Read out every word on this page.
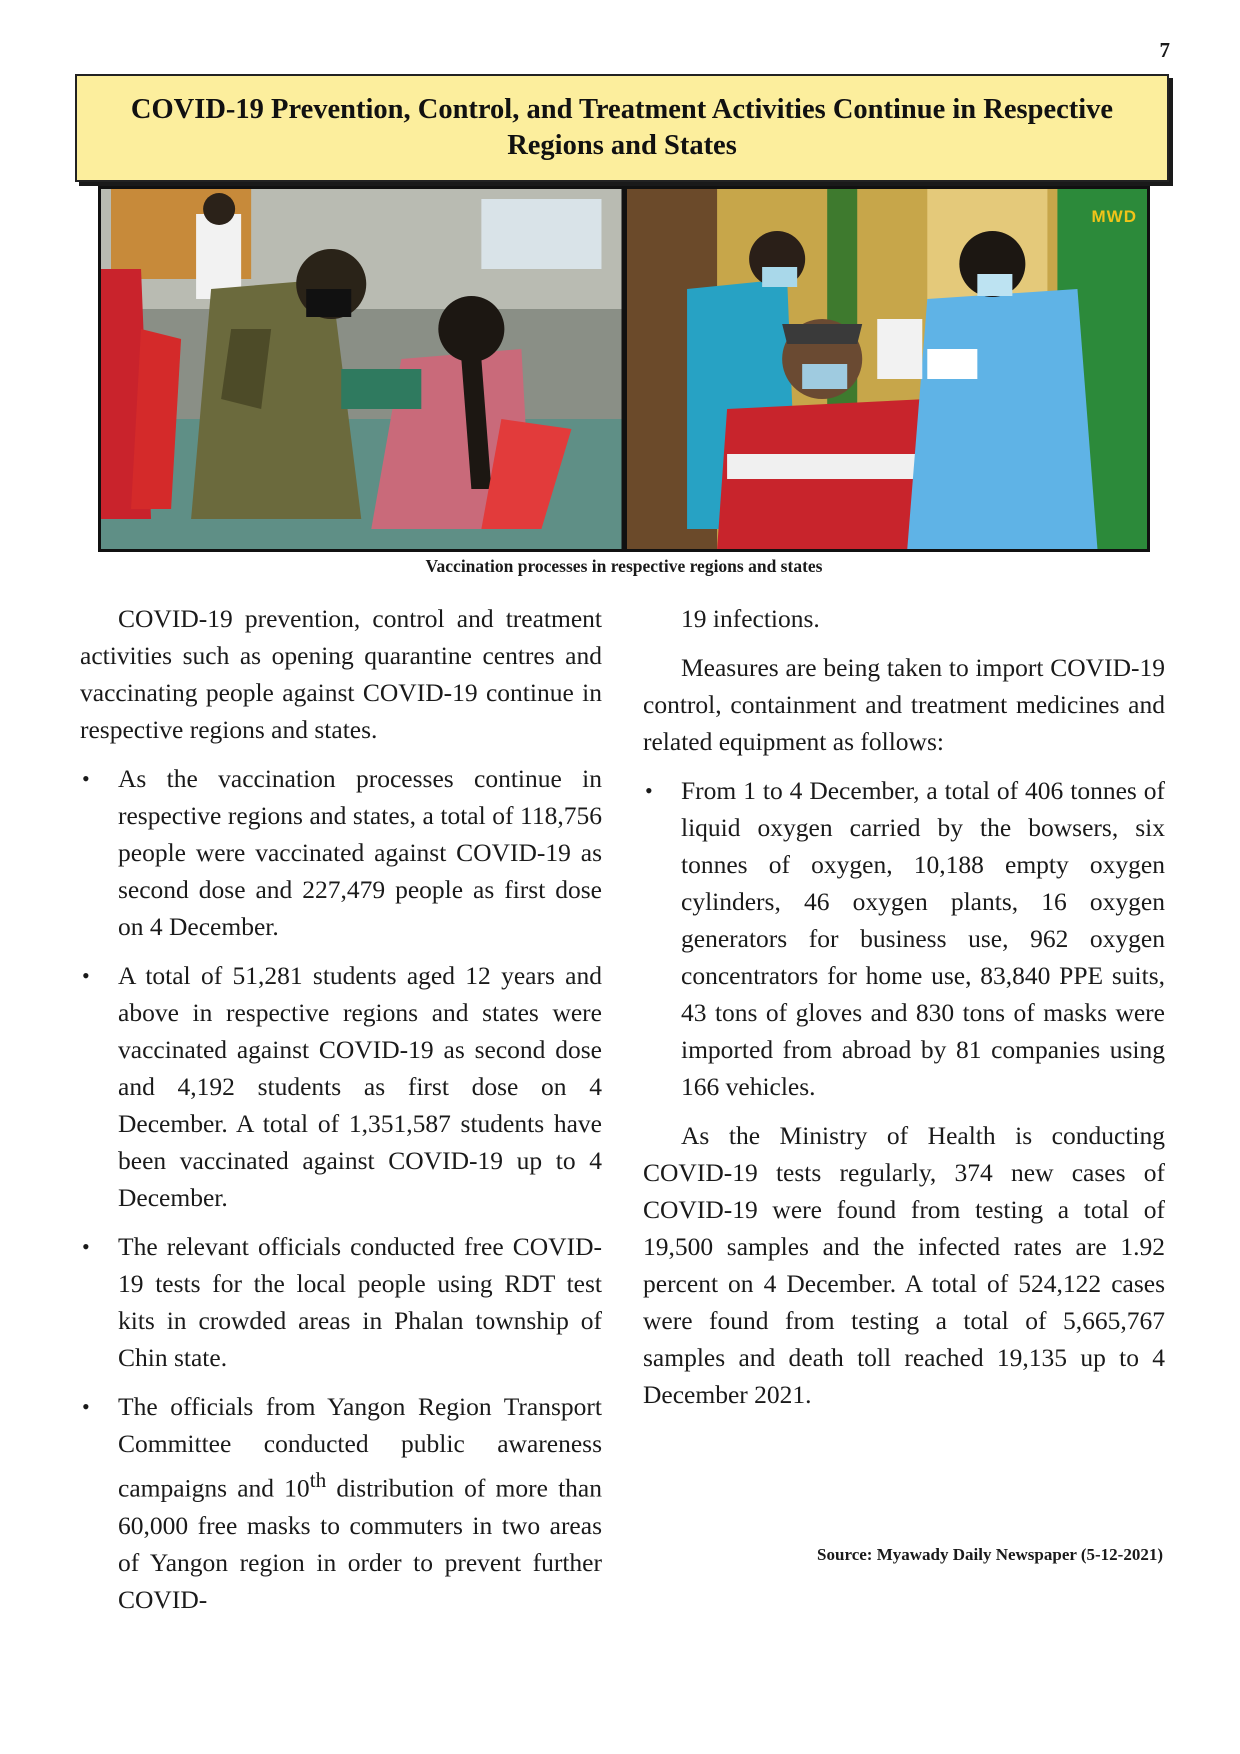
7
COVID-19 Prevention, Control, and Treatment Activities Continue in Respective Regions and States
MWD
Vaccination processes in respective regions and states

COVID-19 prevention, control and treatment activities such as opening quarantine centres and vaccinating people against COVID-19 continue in respective regions and states.

• As the vaccination processes continue in respective regions and states, a total of 118,756 people were vaccinated against COVID-19 as second dose and 227,479 people as first dose on 4 December.
• A total of 51,281 students aged 12 years and above in respective regions and states were vaccinated against COVID-19 as second dose and 4,192 students as first dose on 4 December. A total of 1,351,587 students have been vaccinated against COVID-19 up to 4 December.
• The relevant officials conducted free COVID-19 tests for the local people using RDT test kits in crowded areas in Phalan township of Chin state.
• The officials from Yangon Region Transport Committee conducted public awareness campaigns and 10th distribution of more than 60,000 free masks to commuters in two areas of Yangon region in order to prevent further COVID-

19 infections.

Measures are being taken to import COVID-19 control, containment and treatment medicines and related equipment as follows:

• From 1 to 4 December, a total of 406 tonnes of liquid oxygen carried by the bowsers, six tonnes of oxygen, 10,188 empty oxygen cylinders, 46 oxygen plants, 16 oxygen generators for business use, 962 oxygen concentrators for home use, 83,840 PPE suits, 43 tons of gloves and 830 tons of masks were imported from abroad by 81 companies using 166 vehicles.

As the Ministry of Health is conducting COVID-19 tests regularly, 374 new cases of COVID-19 were found from testing a total of 19,500 samples and the infected rates are 1.92 percent on 4 December. A total of 524,122 cases were found from testing a total of 5,665,767 samples and death toll reached 19,135 up to 4 December 2021.

Source: Myawady Daily Newspaper (5-12-2021)
